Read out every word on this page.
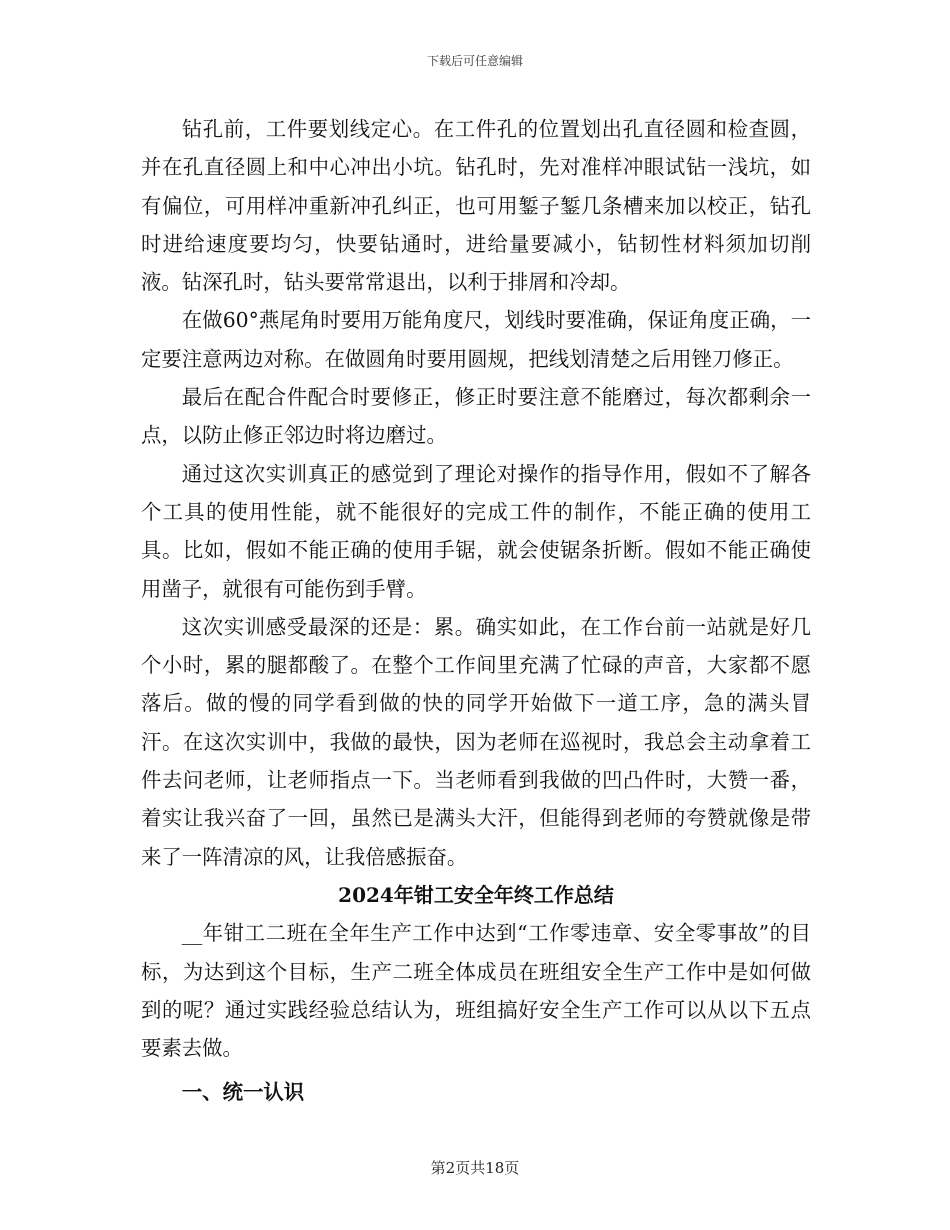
下载后可任意编辑

钻孔前，工件要划线定心。在工件孔的位置划出孔直径圆和检查圆，并在孔直径圆上和中心冲出小坑。钻孔时，先对准样冲眼试钻一浅坑，如有偏位，可用样冲重新冲孔纠正，也可用錾子錾几条槽来加以校正，钻孔时进给速度要均匀，快要钻通时，进给量要减小，钻韧性材料须加切削液。钻深孔时，钻头要常常退出，以利于排屑和冷却。

在做60°燕尾角时要用万能角度尺，划线时要准确，保证角度正确，一定要注意两边对称。在做圆角时要用圆规，把线划清楚之后用锉刀修正。

最后在配合件配合时要修正，修正时要注意不能磨过，每次都剩余一点，以防止修正邻边时将边磨过。

通过这次实训真正的感觉到了理论对操作的指导作用，假如不了解各个工具的使用性能，就不能很好的完成工件的制作，不能正确的使用工具。比如，假如不能正确的使用手锯，就会使锯条折断。假如不能正确使用凿子，就很有可能伤到手臂。

这次实训感受最深的还是：累。确实如此，在工作台前一站就是好几个小时，累的腿都酸了。在整个工作间里充满了忙碌的声音，大家都不愿落后。做的慢的同学看到做的快的同学开始做下一道工序，急的满头冒汗。在这次实训中，我做的最快，因为老师在巡视时，我总会主动拿着工件去问老师，让老师指点一下。当老师看到我做的凹凸件时，大赞一番，着实让我兴奋了一回，虽然已是满头大汗，但能得到老师的夸赞就像是带来了一阵清凉的风，让我倍感振奋。

2024年钳工安全年终工作总结

__年钳工二班在全年生产工作中达到“工作零违章、安全零事故”的目标，为达到这个目标，生产二班全体成员在班组安全生产工作中是如何做到的呢？通过实践经验总结认为，班组搞好安全生产工作可以从以下五点要素去做。

一、统一认识
第2页共18页
